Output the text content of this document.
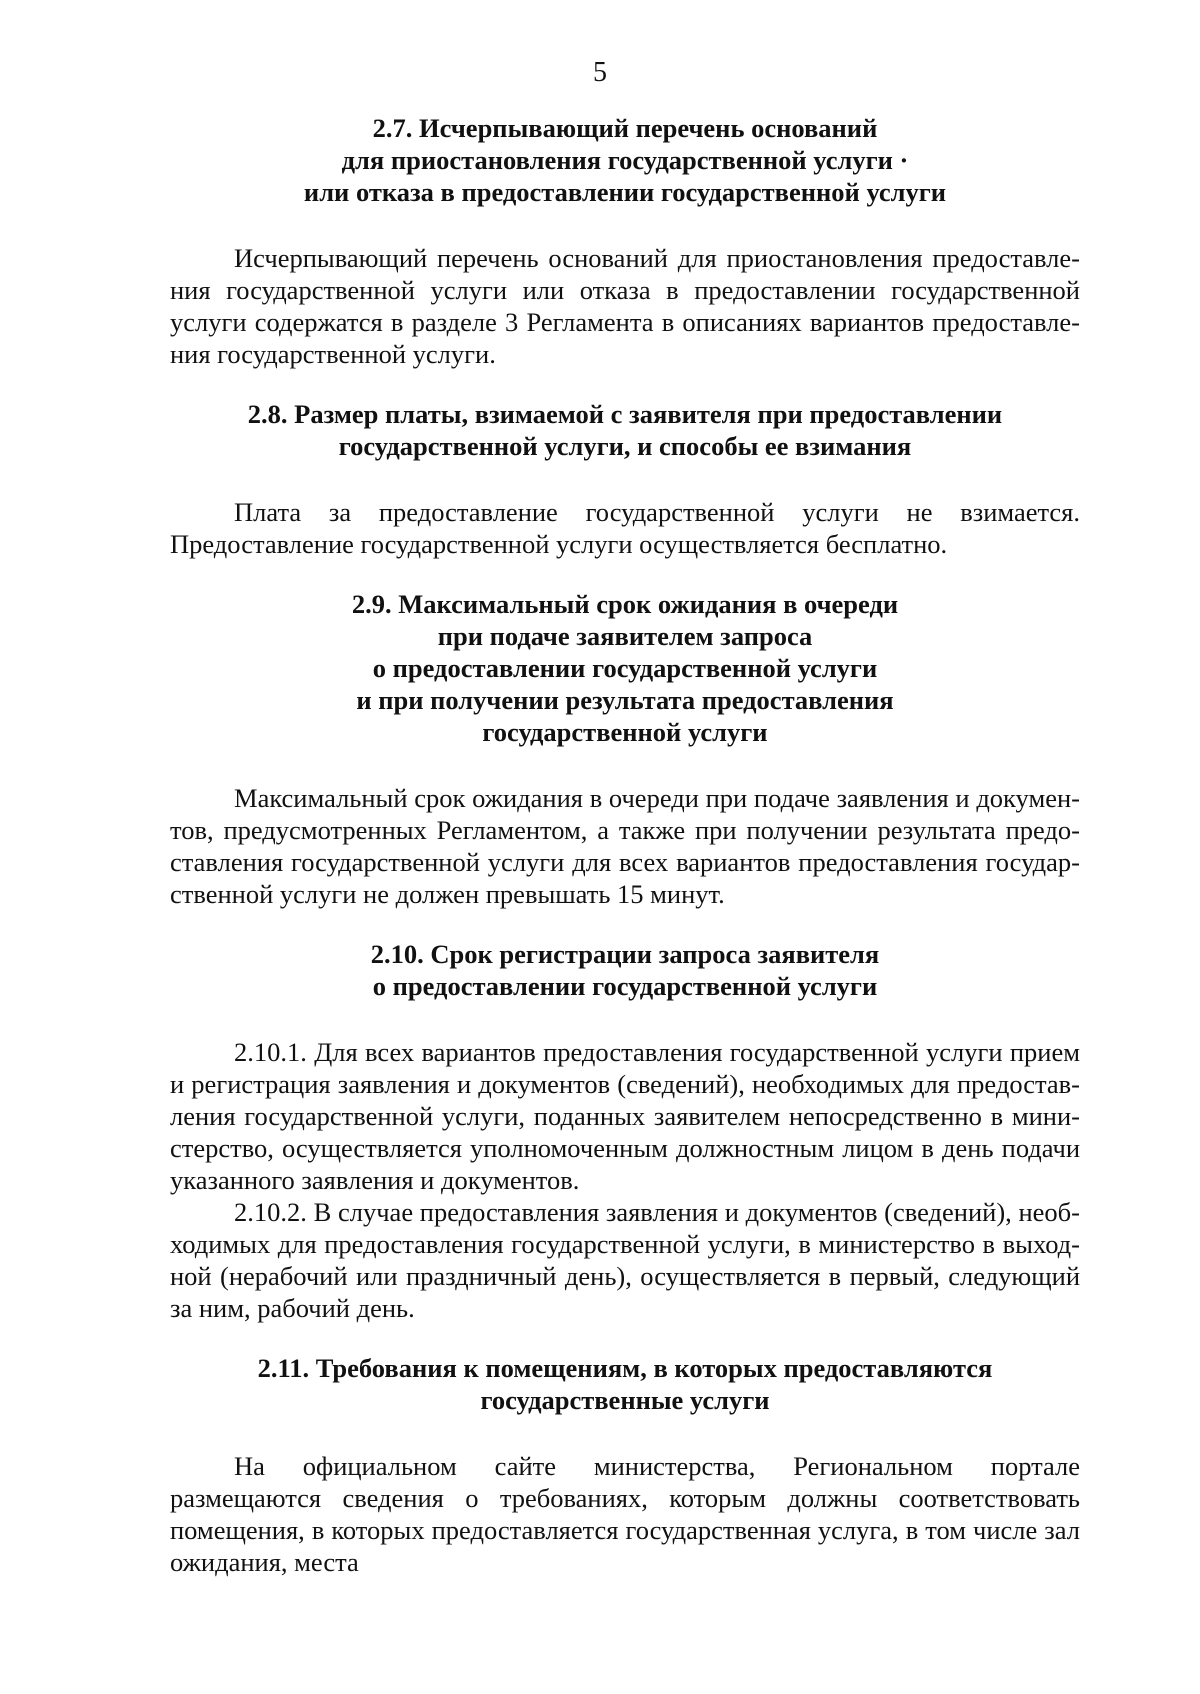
5
2.7. Исчерпывающий перечень оснований
для приостановления государственной услуги ·
или отказа в предоставлении государственной услуги

Исчерпывающий перечень оснований для приостановления предоставления государственной услуги или отказа в предоставлении государственной услуги содержатся в разделе 3 Регламента в описаниях вариантов предоставления государственной услуги.

2.8. Размер платы, взимаемой с заявителя при предоставлении
государственной услуги, и способы ее взимания

Плата за предоставление государственной услуги не взимается. Предоставление государственной услуги осуществляется бесплатно.

2.9. Максимальный срок ожидания в очереди
при подаче заявителем запроса
о предоставлении государственной услуги
и при получении результата предоставления
государственной услуги

Максимальный срок ожидания в очереди при подаче заявления и документов, предусмотренных Регламентом, а также при получении результата предоставления государственной услуги для всех вариантов предоставления государственной услуги не должен превышать 15 минут.

2.10. Срок регистрации запроса заявителя
о предоставлении государственной услуги

2.10.1. Для всех вариантов предоставления государственной услуги прием и регистрация заявления и документов (сведений), необходимых для предоставления государственной услуги, поданных заявителем непосредственно в министерство, осуществляется уполномоченным должностным лицом в день подачи указанного заявления и документов.

2.10.2. В случае предоставления заявления и документов (сведений), необходимых для предоставления государственной услуги, в министерство в выходной (нерабочий или праздничный день), осуществляется в первый, следующий за ним, рабочий день.

2.11. Требования к помещениям, в которых предоставляются
государственные услуги

На официальном сайте министерства, Региональном портале размещаются сведения о требованиях, которым должны соответствовать помещения, в которых предоставляется государственная услуга, в том числе зал ожидания, места
